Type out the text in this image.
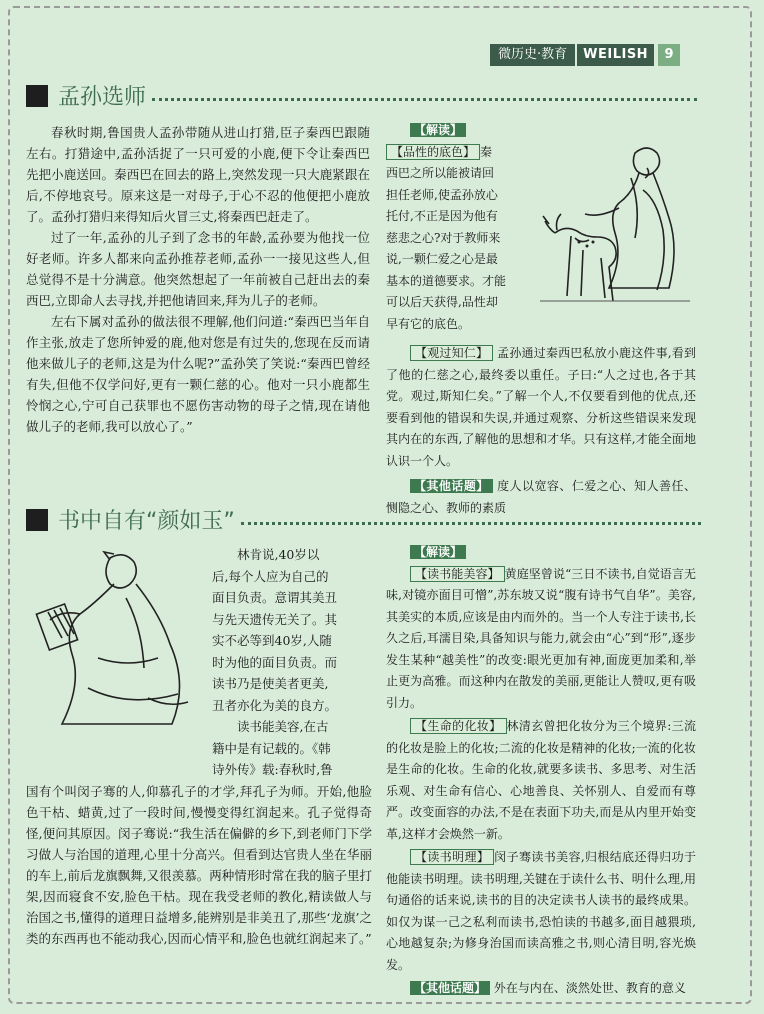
微历史·教育	WEILISH	9
孟孙选师

春秋时期,鲁国贵人孟孙带随从进山打猎,臣子秦西巴跟随左右。打猎途中,孟孙活捉了一只可爱的小鹿,便下令让秦西巴先把小鹿送回。秦西巴在回去的路上,突然发现一只大鹿紧跟在后,不停地哀号。原来这是一对母子,于心不忍的他便把小鹿放了。孟孙打猎归来得知后火冒三丈,将秦西巴赶走了。

过了一年,孟孙的儿子到了念书的年龄,孟孙要为他找一位好老师。许多人都来向孟孙推荐老师,孟孙一一接见这些人,但总觉得不是十分满意。他突然想起了一年前被自己赶出去的秦西巴,立即命人去寻找,并把他请回来,拜为儿子的老师。

左右下属对孟孙的做法很不理解,他们问道:“秦西巴当年自作主张,放走了您所钟爱的鹿,他对您是有过失的,您现在反而请他来做儿子的老师,这是为什么呢?”孟孙笑了笑说:“秦西巴曾经有失,但他不仅学问好,更有一颗仁慈的心。他对一只小鹿都生怜悯之心,宁可自己获罪也不愿伤害动物的母子之情,现在请他做儿子的老师,我可以放心了。”

【解读】

【品性的底色】 秦
西巴之所以能被请回
担任老师,使孟孙放心
托付,不正是因为他有
慈悲之心?对于教师来
说,一颗仁爱之心是最
基本的道德要求。才能
可以后天获得,品性却
早有它的底色。

【观过知仁】 孟孙通过秦西巴私放小鹿这件事,看到了他的仁慈之心,最终委以重任。子曰:“人之过也,各于其党。观过,斯知仁矣。”了解一个人,不仅要看到他的优点,还要看到他的错误和失误,并通过观察、分析这些错误来发现其内在的东西,了解他的思想和才华。只有这样,才能全面地认识一个人。

【其他话题】 度人以宽容、仁爱之心、知人善任、恻隐之心、教师的素质

书中自有“颜如玉”
林肯说,40岁以
后,每个人应为自己的
面目负责。意谓其美丑
与先天遗传无关了。其
实不必等到40岁,人随
时为他的面目负责。而
读书乃是使美者更美,
丑者亦化为美的良方。
读书能美容,在古
籍中是有记载的。《韩
诗外传》载:春秋时,鲁

国有个叫闵子骞的人,仰慕孔子的才学,拜孔子为师。开始,他脸色干枯、蜡黄,过了一段时间,慢慢变得红润起来。孔子觉得奇怪,便问其原因。闵子骞说:“我生活在偏僻的乡下,到老师门下学习做人与治国的道理,心里十分高兴。但看到达官贵人坐在华丽的车上,前后龙旗飘舞,又很羡慕。两种情形时常在我的脑子里打架,因而寝食不安,脸色干枯。现在我受老师的教化,精读做人与治国之书,懂得的道理日益增多,能辨别是非美丑了,那些‘龙旗’之类的东西再也不能动我心,因而心情平和,脸色也就红润起来了。”

【解读】

【读书能美容】 黄庭坚曾说“三日不读书,自觉语言无味,对镜亦面目可憎”,苏东坡又说“腹有诗书气自华”。美容,其美实的本质,应该是由内而外的。当一个人专注于读书,长久之后,耳濡目染,具备知识与能力,就会由“心”到“形”,逐步发生某种“越美性”的改变:眼光更加有神,面庞更加柔和,举止更为高雅。而这种内在散发的美丽,更能让人赞叹,更有吸引力。

【生命的化妆】 林清玄曾把化妆分为三个境界:三流的化妆是脸上的化妆;二流的化妆是精神的化妆;一流的化妆是生命的化妆。生命的化妆,就要多读书、多思考、对生活乐观、对生命有信心、心地善良、关怀别人、自爱而有尊严。改变面容的办法,不是在表面下功夫,而是从内里开始变革,这样才会焕然一新。

【读书明理】 闵子骞读书美容,归根结底还得归功于他能读书明理。读书明理,关键在于读什么书、明什么理,用句通俗的话来说,读书的目的决定读书人读书的最终成果。如仅为谋一己之私利而读书,恐怕读的书越多,面目越猥琐,心地越复杂;为修身治国而读高雅之书,则心清目明,容光焕发。

【其他话题】 外在与内在、淡然处世、教育的意义
